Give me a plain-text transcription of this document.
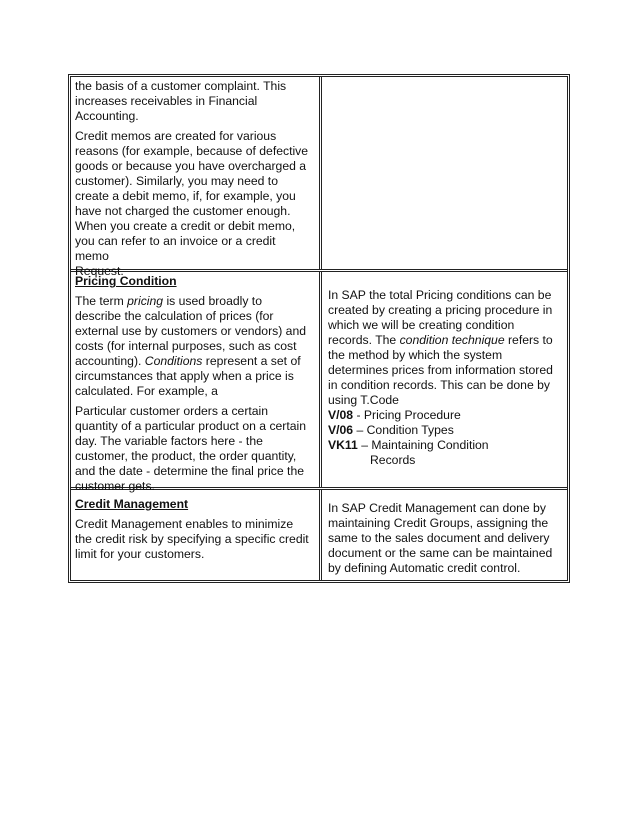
the basis of a customer complaint. This

increases receivables in Financial

Accounting.

Credit memos are created for various

reasons (for example, because of defective

goods or because you have overcharged a

customer). Similarly, you may need to

create a debit memo, if, for example, you

have not charged the customer enough.

When you create a credit or debit memo,

you can refer to an invoice or a credit

memo

Request.

Pricing Condition

The term pricing is used broadly to

describe the calculation of prices (for

external use by customers or vendors) and

costs (for internal purposes, such as cost

accounting). Conditions represent a set of

circumstances that apply when a price is

calculated. For example, a

Particular customer orders a certain

quantity of a particular product on a certain

day. The variable factors here - the

customer, the product, the order quantity,

and the date - determine the final price the

customer gets.

In SAP the total Pricing conditions can be

created by creating a pricing procedure in

which we will be creating condition

records. The condition technique refers to

the method by which the system

determines prices from information stored

in condition records. This can be done by

using T.Code

V/08 - Pricing Procedure

V/06 – Condition Types

VK11 – Maintaining Condition

Records

Credit Management

Credit Management enables to minimize

the credit risk by specifying a specific credit

limit for your customers.

In SAP Credit Management can done by

maintaining Credit Groups, assigning the

same to the sales document and delivery

document or the same can be maintained

by defining Automatic credit control.
